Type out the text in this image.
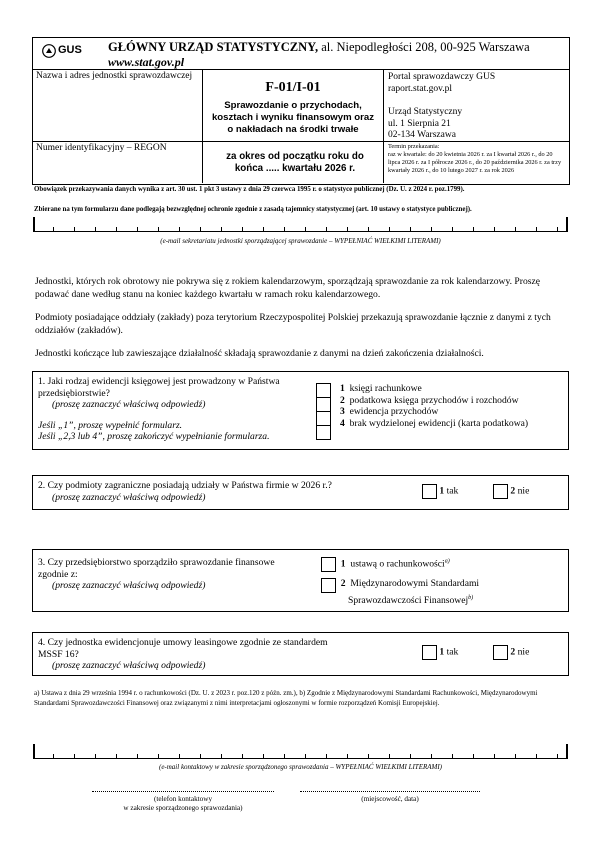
GUS GŁÓWNY URZĄD STATYSTYCZNY, al. Niepodległości 208, 00-925 Warszawa
www.stat.gov.pl
Nazwa i adres jednostki sprawozdawczej
Numer identyfikacyjny – REGON
F-01/I-01
Sprawozdanie o przychodach, kosztach i wyniku finansowym oraz o nakładach na środki trwałe
za okres od początku roku do końca ..... kwartału 2026 r.
Portal sprawozdawczy GUS
raport.stat.gov.pl
Urząd Statystyczny
ul. 1 Sierpnia 21
02-134 Warszawa
Termin przekazania:
raz w kwartale: do 20 kwietnia 2026 r. za I kwartał 2026 r., do 20 lipca 2026 r. za I półrocze 2026 r., do 20 października 2026 r. za trzy kwartały 2026 r., do 10 lutego 2027 r. za rok 2026
Obowiązek przekazywania danych wynika z art. 30 ust. 1 pkt 3 ustawy z dnia 29 czerwca 1995 r. o statystyce publicznej (Dz. U. z 2024 r. poz.1799).
Zbierane na tym formularzu dane podlegają bezwzględnej ochronie zgodnie z zasadą tajemnicy statystycznej (art. 10 ustawy o statystyce publicznej).
(e-mail sekretariatu jednostki sporządzającej sprawozdanie – WYPEŁNIAĆ WIELKIMI LITERAMI)

Jednostki, których rok obrotowy nie pokrywa się z rokiem kalendarzowym, sporządzają sprawozdanie za rok kalendarzowy. Proszę podawać dane według stanu na koniec każdego kwartału w ramach roku kalendarzowego.

Podmioty posiadające oddziały (zakłady) poza terytorium Rzeczypospolitej Polskiej przekazują sprawozdanie łącznie z danymi z tych oddziałów (zakładów).

Jednostki kończące lub zawieszające działalność składają sprawozdanie z danymi na dzień zakończenia działalności.

1. Jaki rodzaj ewidencji księgowej jest prowadzony w Państwa przedsiębiorstwie?
(proszę zaznaczyć właściwą odpowiedź)
Jeśli „1”, proszę wypełnić formularz.
Jeśli „2,3 lub 4”, proszę zakończyć wypełnianie formularza.
1 księgi rachunkowe
2 podatkowa księga przychodów i rozchodów
3 ewidencja przychodów
4 brak wydzielonej ewidencji (karta podatkowa)
2. Czy podmioty zagraniczne posiadają udziały w Państwa firmie w 2026 r.?
(proszę zaznaczyć właściwą odpowiedź)
1 tak	2 nie
3. Czy przedsiębiorstwo sporządziło sprawozdanie finansowe zgodnie z:
(proszę zaznaczyć właściwą odpowiedź)
1 ustawą o rachunkowości$^{a)}$
2 Międzynarodowymi Standardami
Sprawozdawczości Finansowej$^{b)}$
4. Czy jednostka ewidencjonuje umowy leasingowe zgodnie ze standardem MSSF 16?
(proszę zaznaczyć właściwą odpowiedź)
1 tak	2 nie
a) Ustawa z dnia 29 września 1994 r. o rachunkowości (Dz. U. z 2023 r. poz.120 z późn. zm.), b) Zgodnie z Międzynarodowymi Standardami Rachunkowości, Międzynarodowymi Standardami Sprawozdawczości Finansowej oraz związanymi z nimi interpretacjami ogłoszonymi w formie rozporządzeń Komisji Europejskiej.
(e-mail kontaktowy w zakresie sporządzonego sprawozdania – WYPEŁNIAĆ WIELKIMI LITERAMI)
(telefon kontaktowy
w zakresie sporządzonego sprawozdania)
(miejscowość, data)
